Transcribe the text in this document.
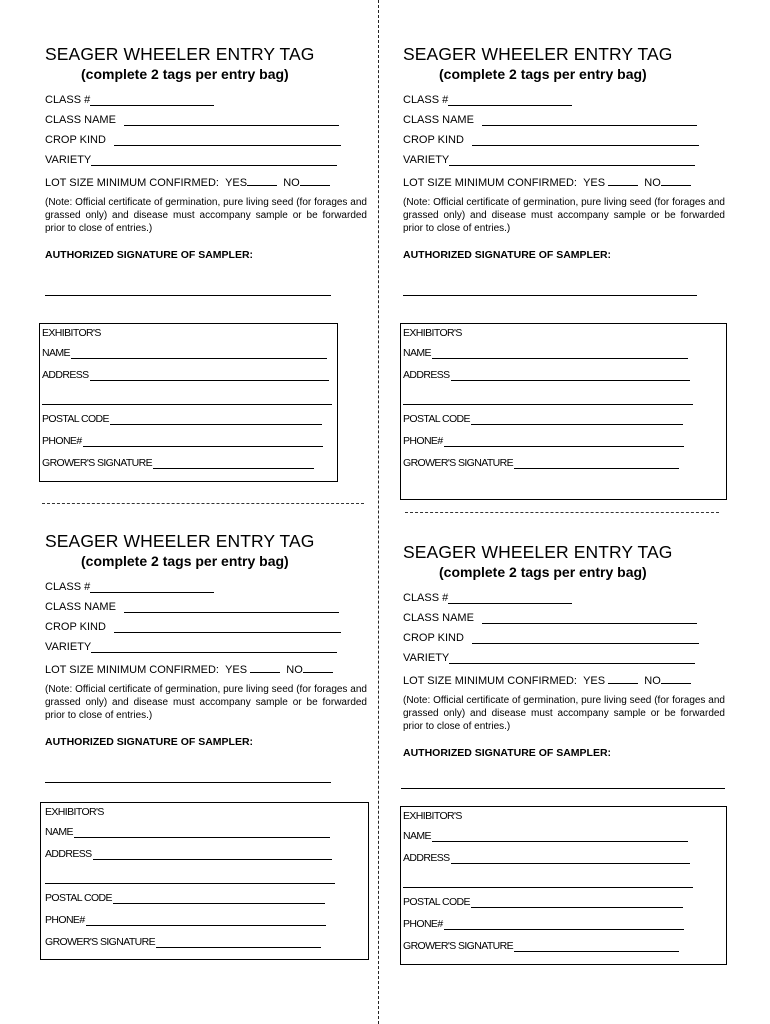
SEAGER WHEELER ENTRY TAG
(complete 2 tags per entry bag)
CLASS #
CLASS NAME
CROP KIND
VARIETY
LOT SIZE MINIMUM CONFIRMED: YES	NO
(Note: Official certificate of germination, pure living seed (for forages and grassed only) and disease must accompany sample or be forwarded prior to close of entries.)
AUTHORIZED SIGNATURE OF SAMPLER:
EXHIBITOR'S
NAME
ADDRESS
POSTAL CODE
PHONE#
GROWER'S SIGNATURE
SEAGER WHEELER ENTRY TAG
(complete 2 tags per entry bag)
CLASS #
CLASS NAME
CROP KIND
VARIETY
LOT SIZE MINIMUM CONFIRMED: YES	NO
(Note: Official certificate of germination, pure living seed (for forages and grassed only) and disease must accompany sample or be forwarded prior to close of entries.)
AUTHORIZED SIGNATURE OF SAMPLER:
EXHIBITOR'S
NAME
ADDRESS
POSTAL CODE
PHONE#
GROWER'S SIGNATURE
SEAGER WHEELER ENTRY TAG
(complete 2 tags per entry bag)
CLASS #
CLASS NAME
CROP KIND
VARIETY
LOT SIZE MINIMUM CONFIRMED: YES	NO
(Note: Official certificate of germination, pure living seed (for forages and grassed only) and disease must accompany sample or be forwarded prior to close of entries.)
AUTHORIZED SIGNATURE OF SAMPLER:
EXHIBITOR'S
NAME
ADDRESS
POSTAL CODE
PHONE#
GROWER'S SIGNATURE
SEAGER WHEELER ENTRY TAG
(complete 2 tags per entry bag)
CLASS #
CLASS NAME
CROP KIND
VARIETY
LOT SIZE MINIMUM CONFIRMED: YES	NO
(Note: Official certificate of germination, pure living seed (for forages and grassed only) and disease must accompany sample or be forwarded prior to close of entries.)
AUTHORIZED SIGNATURE OF SAMPLER:
EXHIBITOR'S
NAME
ADDRESS
POSTAL CODE
PHONE#
GROWER'S SIGNATURE
